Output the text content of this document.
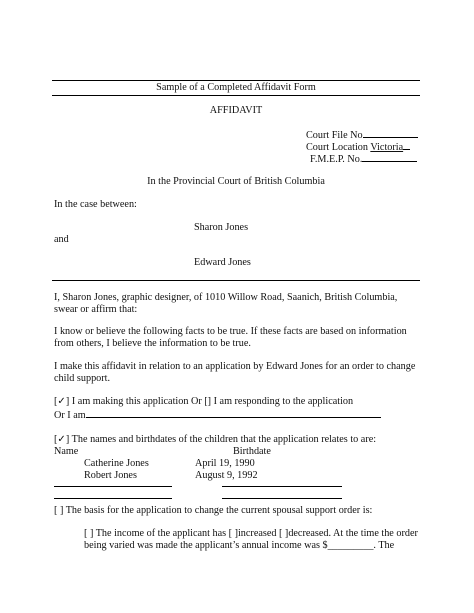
Sample of a Completed Affidavit Form
AFFIDAVIT
Court File No
Court Location Victoria
F.M.E.P. No.
In the Provincial Court of British Columbia
In the case between:
Sharon Jones
and
Edward Jones
I, Sharon Jones, graphic designer, of 1010 Willow Road, Saanich, British Columbia,
swear or affirm that:
I know or believe the following facts to be true. If these facts are based on information
from others, I believe the information to be true.
I make this affidavit in relation to an application by Edward Jones for an order to change
child support.
[✓] I am making this application Or [] I am responding to the application
Or I am
[✓] The names and birthdates of the children that the application relates to are:
Name	Birthdate
Catherine Jones	April 19, 1990
Robert Jones	August 9, 1992
[ ] The basis for the application to change the current spousal support order is:
[ ] The income of the applicant has [ ]increased [ ]decreased. At the time the order
being varied was made the applicant’s annual income was $_________. The
